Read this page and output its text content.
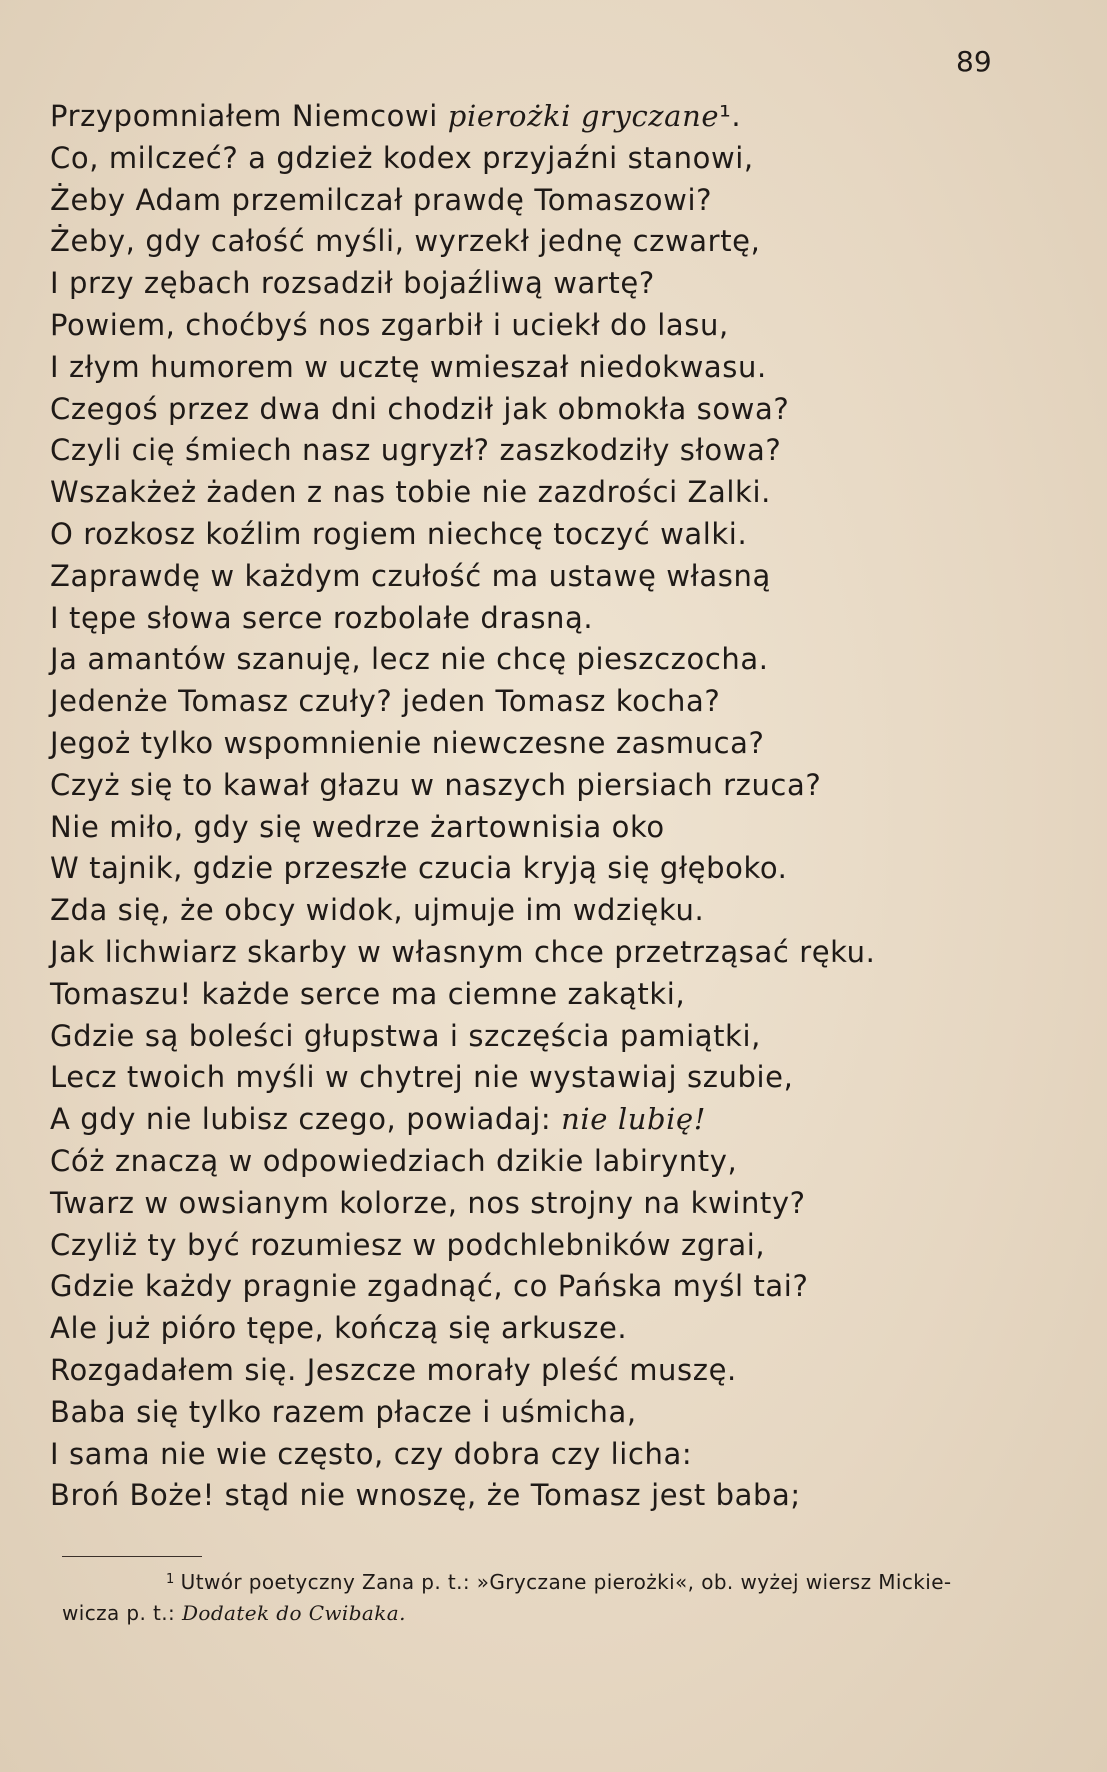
89
Przypomniałem Niemcowi pierożki gryczane¹.
Co, milczeć? a gdzież kodex przyjaźni stanowi,
Żeby Adam przemilczał prawdę Tomaszowi?
Żeby, gdy całość myśli, wyrzekł jednę czwartę,
I przy zębach rozsadził bojaźliwą wartę?
Powiem, choćbyś nos zgarbił i uciekł do lasu,
I złym humorem w ucztę wmieszał niedokwasu.
Czegoś przez dwa dni chodził jak obmokła sowa?
Czyli cię śmiech nasz ugryzł? zaszkodziły słowa?
Wszakżeż żaden z nas tobie nie zazdrości Zalki.
O rozkosz koźlim rogiem niechcę toczyć walki.
Zaprawdę w każdym czułość ma ustawę własną
I tępe słowa serce rozbolałe drasną.
Ja amantów szanuję, lecz nie chcę pieszczocha.
Jedenże Tomasz czuły? jeden Tomasz kocha?
Jegoż tylko wspomnienie niewczesne zasmuca?
Czyż się to kawał głazu w naszych piersiach rzuca?
Nie miło, gdy się wedrze żartownisia oko
W tajnik, gdzie przeszłe czucia kryją się głęboko.
Zda się, że obcy widok, ujmuje im wdzięku.
Jak lichwiarz skarby w własnym chce przetrząsać ręku.
Tomaszu! każde serce ma ciemne zakątki,
Gdzie są boleści głupstwa i szczęścia pamiątki,
Lecz twoich myśli w chytrej nie wystawiaj szubie,
A gdy nie lubisz czego, powiadaj: nie lubię!
Cóż znaczą w odpowiedziach dzikie labirynty,
Twarz w owsianym kolorze, nos strojny na kwinty?
Czyliż ty być rozumiesz w podchlebników zgrai,
Gdzie każdy pragnie zgadnąć, co Pańska myśl tai?
Ale już pióro tępe, kończą się arkusze.
Rozgadałem się. Jeszcze morały pleść muszę.
Baba się tylko razem płacze i uśmicha,
I sama nie wie często, czy dobra czy licha:
Broń Boże! stąd nie wnoszę, że Tomasz jest baba;
$^1$ Utwór poetyczny Zana p. t.: »Gryczane pierożki«, ob. wyżej wiersz Mickie-
wicza p. t.: Dodatek do Cwibaka.
